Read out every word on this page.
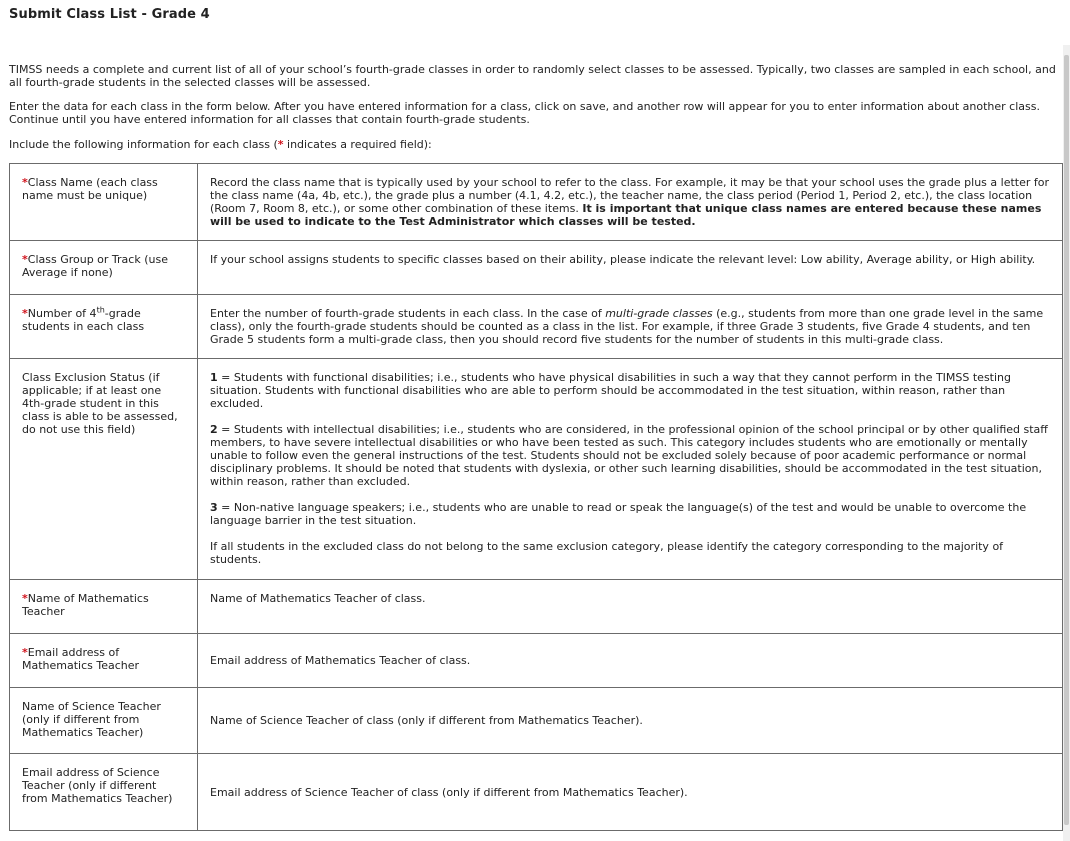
Submit Class List - Grade 4
TIMSS needs a complete and current list of all of your school’s fourth-grade classes in order to randomly select classes to be assessed. Typically, two classes are sampled in each school, and all fourth-grade students in the selected classes will be assessed.
Enter the data for each class in the form below. After you have entered information for a class, click on save, and another row will appear for you to enter information about another class. Continue until you have entered information for all classes that contain fourth-grade students.
Include the following information for each class (* indicates a required field):
*Class Name (each class name must be unique)	Record the class name that is typically used by your school to refer to the class. For example, it may be that your school uses the grade plus a letter for the class name (4a, 4b, etc.), the grade plus a number (4.1, 4.2, etc.), the teacher name, the class period (Period 1, Period 2, etc.), the class location (Room 7, Room 8, etc.), or some other combination of these items. It is important that unique class names are entered because these names will be used to indicate to the Test Administrator which classes will be tested.
*Class Group or Track (use Average if none)	If your school assigns students to specific classes based on their ability, please indicate the relevant level: Low ability, Average ability, or High ability.
*Number of 4th-grade students in each class	Enter the number of fourth-grade students in each class. In the case of multi-grade classes (e.g., students from more than one grade level in the same class), only the fourth-grade students should be counted as a class in the list. For example, if three Grade 3 students, five Grade 4 students, and ten Grade 5 students form a multi-grade class, then you should record five students for the number of students in this multi-grade class.
Class Exclusion Status (if applicable; if at least one 4th-grade student in this class is able to be assessed, do not use this field)	1 = Students with functional disabilities; i.e., students who have physical disabilities in such a way that they cannot perform in the TIMSS testing situation. Students with functional disabilities who are able to perform should be accommodated in the test situation, within reason, rather than excluded.

2 = Students with intellectual disabilities; i.e., students who are considered, in the professional opinion of the school principal or by other qualified staff members, to have severe intellectual disabilities or who have been tested as such. This category includes students who are emotionally or mentally unable to follow even the general instructions of the test. Students should not be excluded solely because of poor academic performance or normal disciplinary problems. It should be noted that students with dyslexia, or other such learning disabilities, should be accommodated in the test situation, within reason, rather than excluded.

3 = Non-native language speakers; i.e., students who are unable to read or speak the language(s) of the test and would be unable to overcome the language barrier in the test situation.

If all students in the excluded class do not belong to the same exclusion category, please identify the category corresponding to the majority of students.

*Name of Mathematics Teacher	Name of Mathematics Teacher of class.
*Email address of Mathematics Teacher	Email address of Mathematics Teacher of class.
Name of Science Teacher (only if different from Mathematics Teacher)	Name of Science Teacher of class (only if different from Mathematics Teacher).
Email address of Science Teacher (only if different from Mathematics Teacher)	Email address of Science Teacher of class (only if different from Mathematics Teacher).
